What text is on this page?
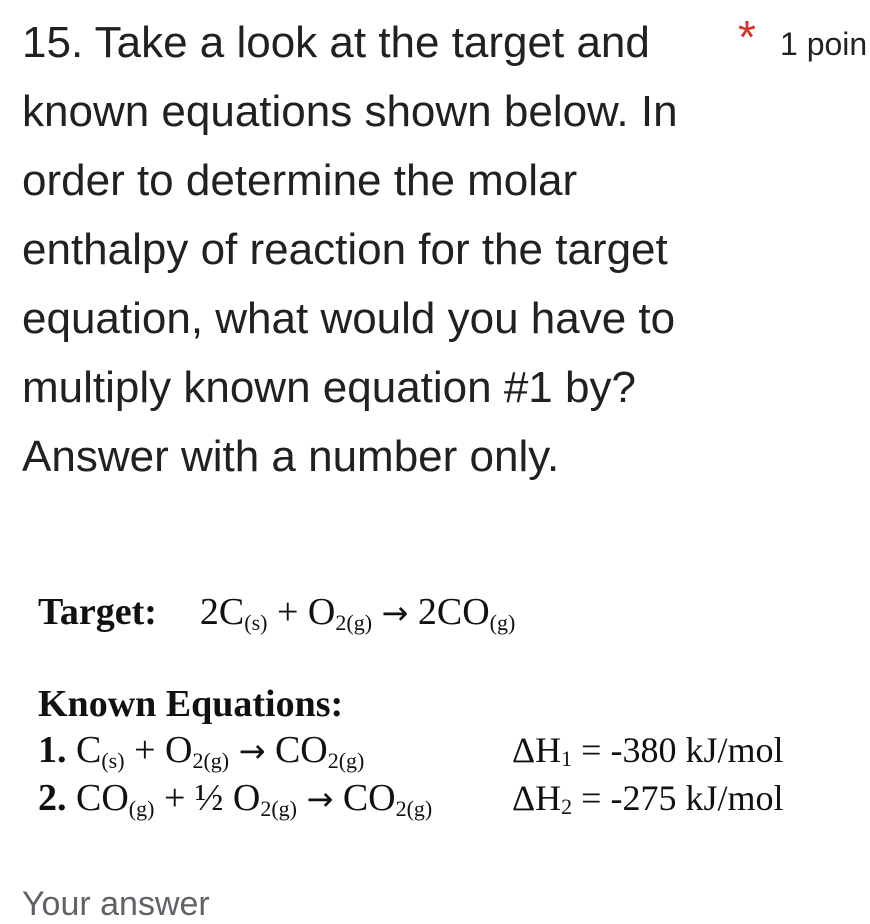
15. Take a look at the target and
known equations shown below. In
order to determine the molar
enthalpy of reaction for the target
equation, what would you have to
multiply known equation #1 by?
Answer with a number only.
* 1 poin
Target: $2C_{(s)} + O_{2(g)} \to 2CO_{(g)}$
Known Equations:
1. $C_{(s)} + O_{2(g)} \to CO_{2(g)}$	ΔH1 = -380 kJ/mol
2. $CO_{(g)}$ + ½ $O_{2(g)} \to CO_{2(g)}$ ΔH2 = -275 kJ/mol
Your answer
